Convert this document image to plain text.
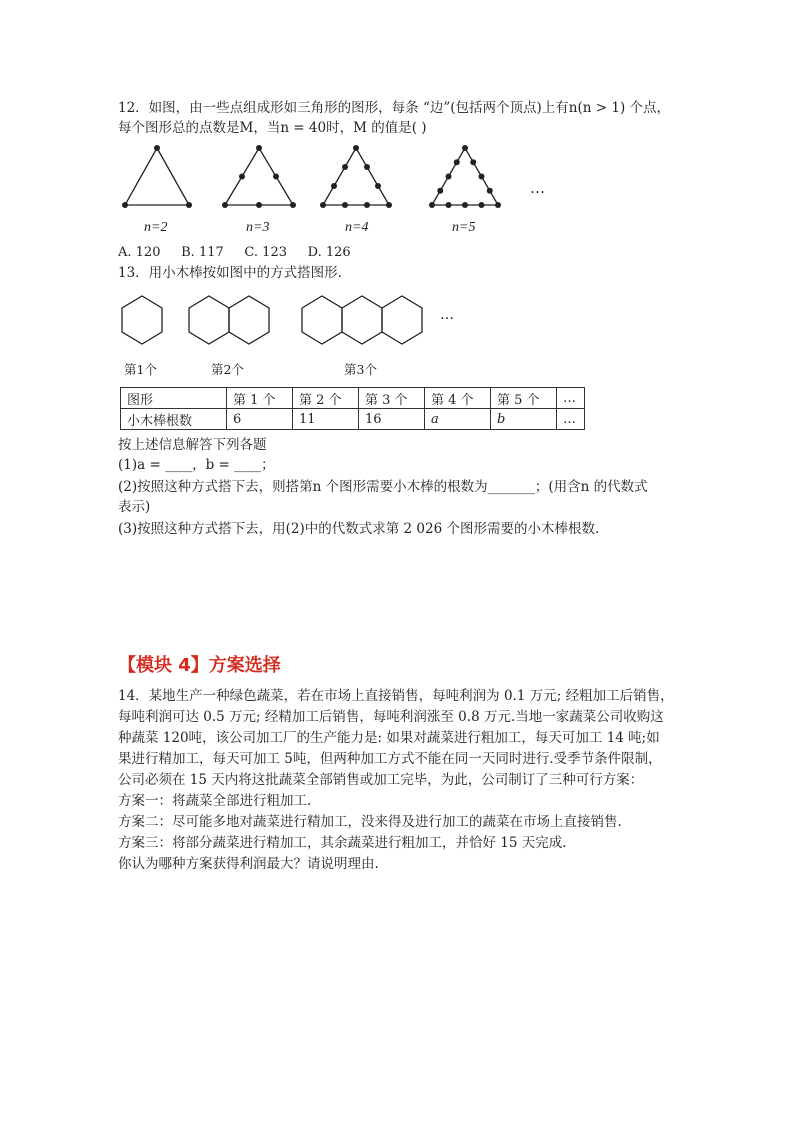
12．如图，由一些点组成形如三角形的图形，每条 “边”(包括两个顶点)上有n(n > 1) 个点，
每个图形总的点数是M，当n = 40时，M 的值是( )
…
n=2	n=3	n=4	n=5
A. 120     B. 117     C. 123     D. 126
13．用小木棒按如图中的方式搭图形.
…
第1个	第2个	第3个
图形	第 1 个	第 2 个	第 3 个	第 4 个	第 5 个	…
小木棒根数	6	11	16	a	b	…
按上述信息解答下列各题
(1)a = ____，b = ____；
(2)按照这种方式搭下去，则搭第n 个图形需要小木棒的根数为_______；(用含n 的代数式
表示)
(3)按照这种方式搭下去，用(2)中的代数式求第 2 026 个图形需要的小木棒根数.
【模块 4】方案选择
14．某地生产一种绿色蔬菜，若在市场上直接销售，每吨利润为 0.1 万元; 经粗加工后销售，
每吨利润可达 0.5 万元; 经精加工后销售，每吨利润涨至 0.8 万元.当地一家蔬菜公司收购这
种蔬菜 120吨，该公司加工厂的生产能力是: 如果对蔬菜进行粗加工，每天可加工 14 吨;如
果进行精加工，每天可加工 5吨，但两种加工方式不能在同一天同时进行.受季节条件限制，
公司必须在 15 天内将这批蔬菜全部销售或加工完毕，为此，公司制订了三种可行方案：
方案一：将蔬菜全部进行粗加工.
方案二：尽可能多地对蔬菜进行精加工，没来得及进行加工的蔬菜在市场上直接销售.
方案三：将部分蔬菜进行精加工，其余蔬菜进行粗加工，并恰好 15 天完成.
你认为哪种方案获得利润最大？请说明理由.
